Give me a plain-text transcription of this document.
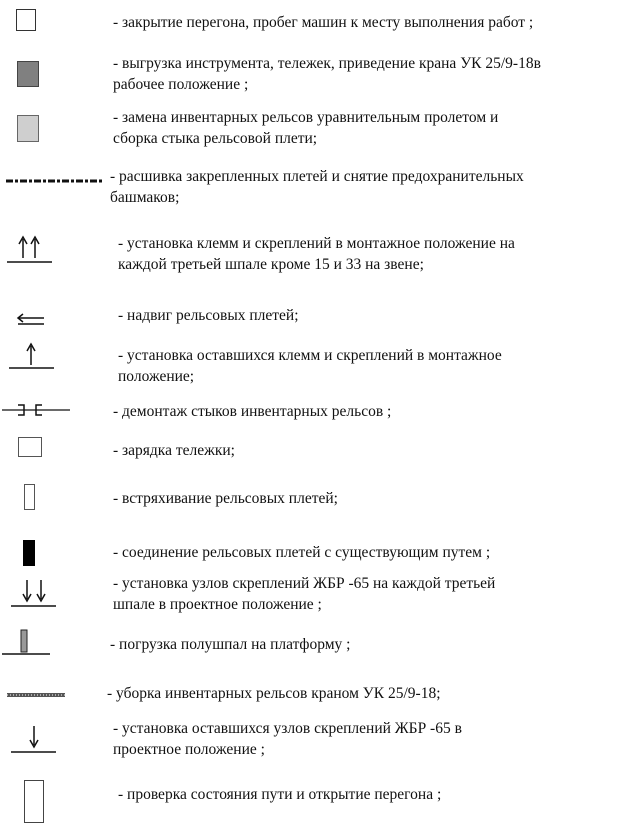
- закрытие перегона, пробег машин к месту выполнения работ ;
- выгрузка инструмента, тележек, приведение крана УК 25/9-18в
рабочее положение ;
- замена инвентарных рельсов уравнительным пролетом и
сборка стыка рельсовой плети;
- расшивка закрепленных плетей и снятие предохранительных
башмаков;
- установка клемм и скреплений в монтажное положение на
каждой третьей шпале кроме 15 и 33 на звене;
- надвиг рельсовых плетей;
- установка оставшихся клемм и скреплений в монтажное
положение;
- демонтаж стыков инвентарных рельсов ;
- зарядка тележки;
- встряхивание рельсовых плетей;
- соединение рельсовых плетей с существующим путем ;
- установка узлов скреплений ЖБР -65 на каждой третьей
шпале в проектное положение ;
- погрузка полушпал на платформу ;
- уборка инвентарных рельсов краном УК 25/9-18;
- установка оставшихся узлов скреплений ЖБР -65 в
проектное положение ;
- проверка состояния пути и открытие перегона ;
